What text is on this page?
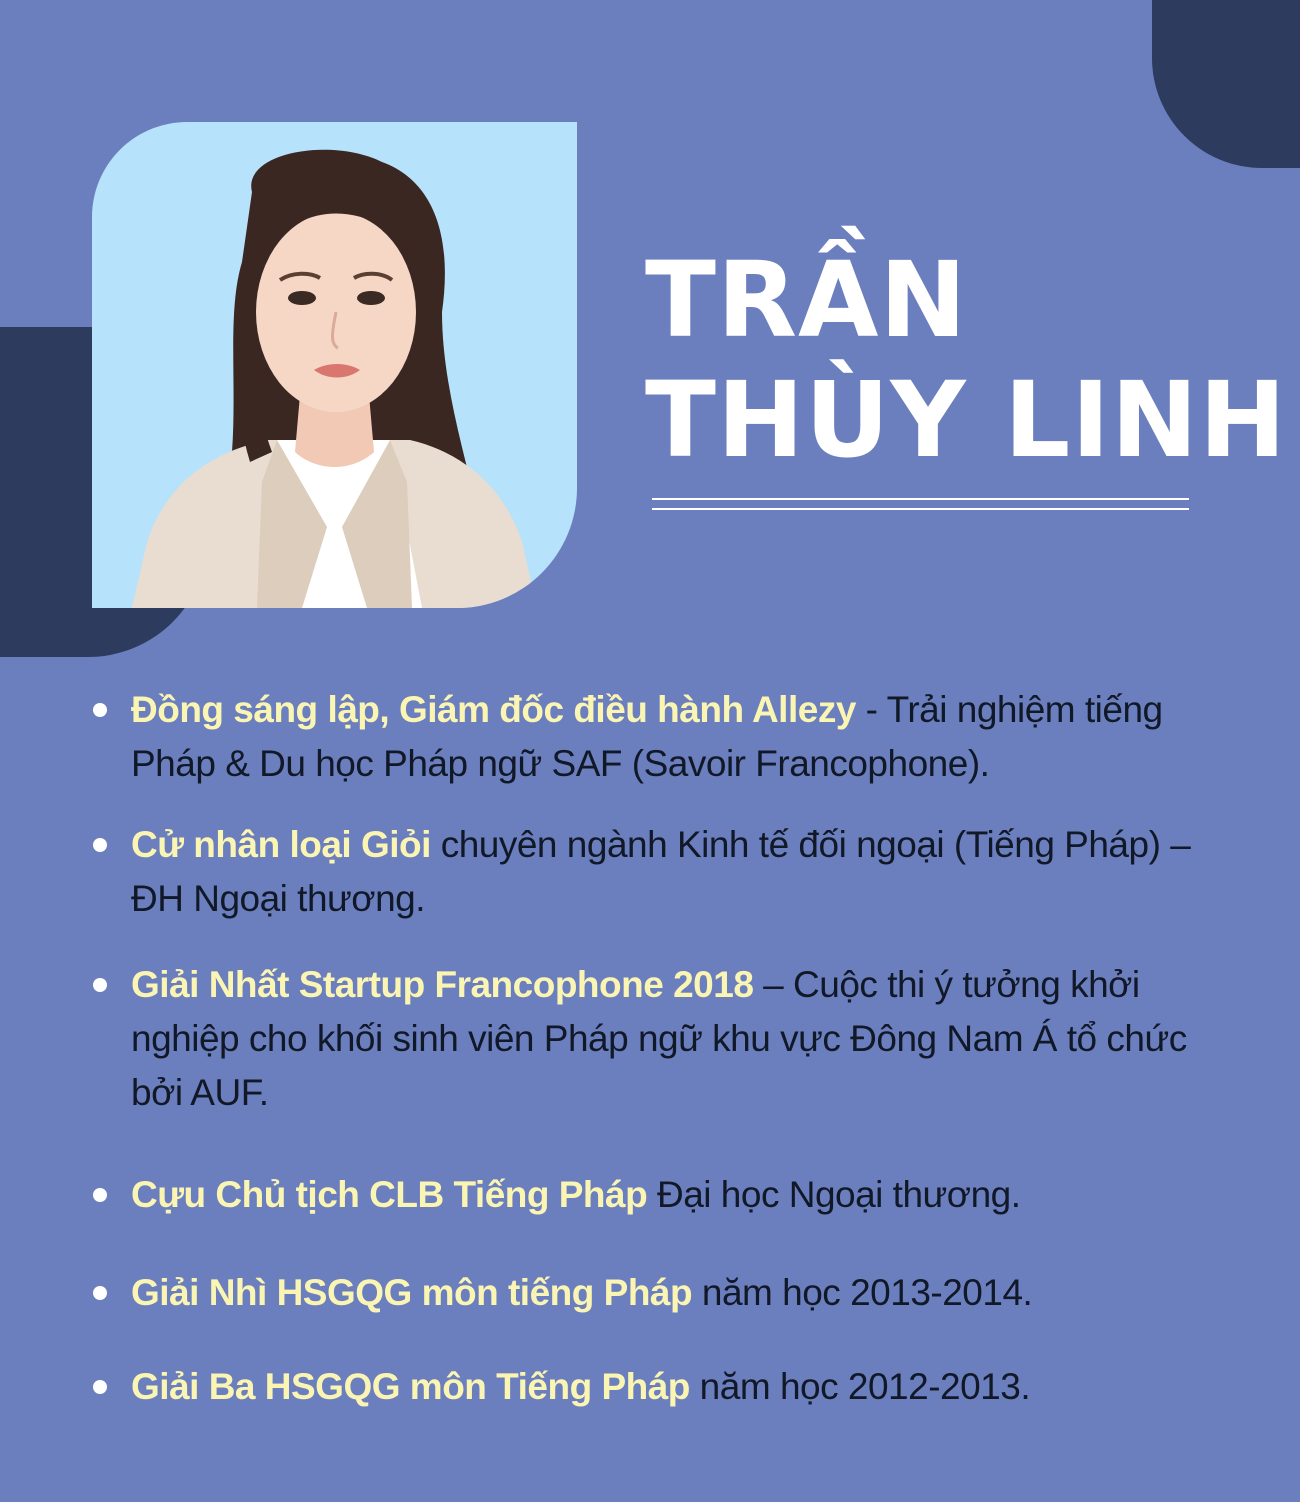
TRẦN
THÙY LINH
Đồng sáng lập, Giám đốc điều hành Allezy - Trải nghiệm tiếng Pháp & Du học Pháp ngữ SAF (Savoir Francophone).
Cử nhân loại Giỏi chuyên ngành Kinh tế đối ngoại (Tiếng Pháp) – ĐH Ngoại thương.
Giải Nhất Startup Francophone 2018 – Cuộc thi ý tưởng khởi nghiệp cho khối sinh viên Pháp ngữ khu vực Đông Nam Á tổ chức bởi AUF.
Cựu Chủ tịch CLB Tiếng Pháp Đại học Ngoại thương.
Giải Nhì HSGQG môn tiếng Pháp năm học 2013-2014.
Giải Ba HSGQG môn Tiếng Pháp năm học 2012-2013.
